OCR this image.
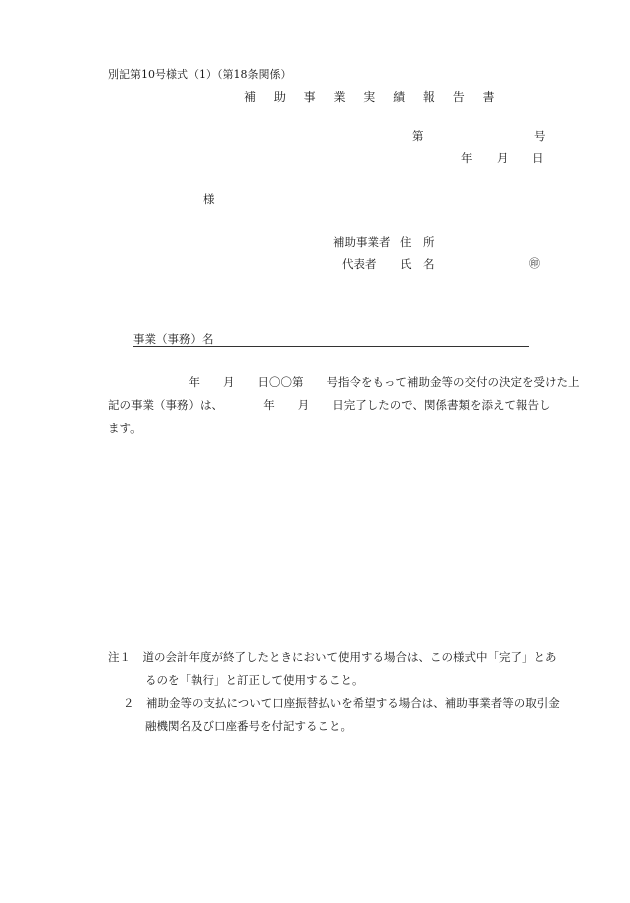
別記第10号様式（1）（第18条関係）
補 助 事 業 実 績 報 告 書
第	号
年 月 日
様
補助事業者 住　所
代表者 氏　名	㊞
事業（事務）名
　　　　　　　年　　月　　日〇〇第　　号指令をもって補助金等の交付の決定を受けた上
記の事業（事務）は、　　　　年　　月　　日完了したので、関係書類を添えて報告し
ます。
注１　道の会計年度が終了したときにおいて使用する場合は、この様式中「完了」とあ
るのを「執行」と訂正して使用すること。
２　補助金等の支払について口座振替払いを希望する場合は、補助事業者等の取引金
融機関名及び口座番号を付記すること。
